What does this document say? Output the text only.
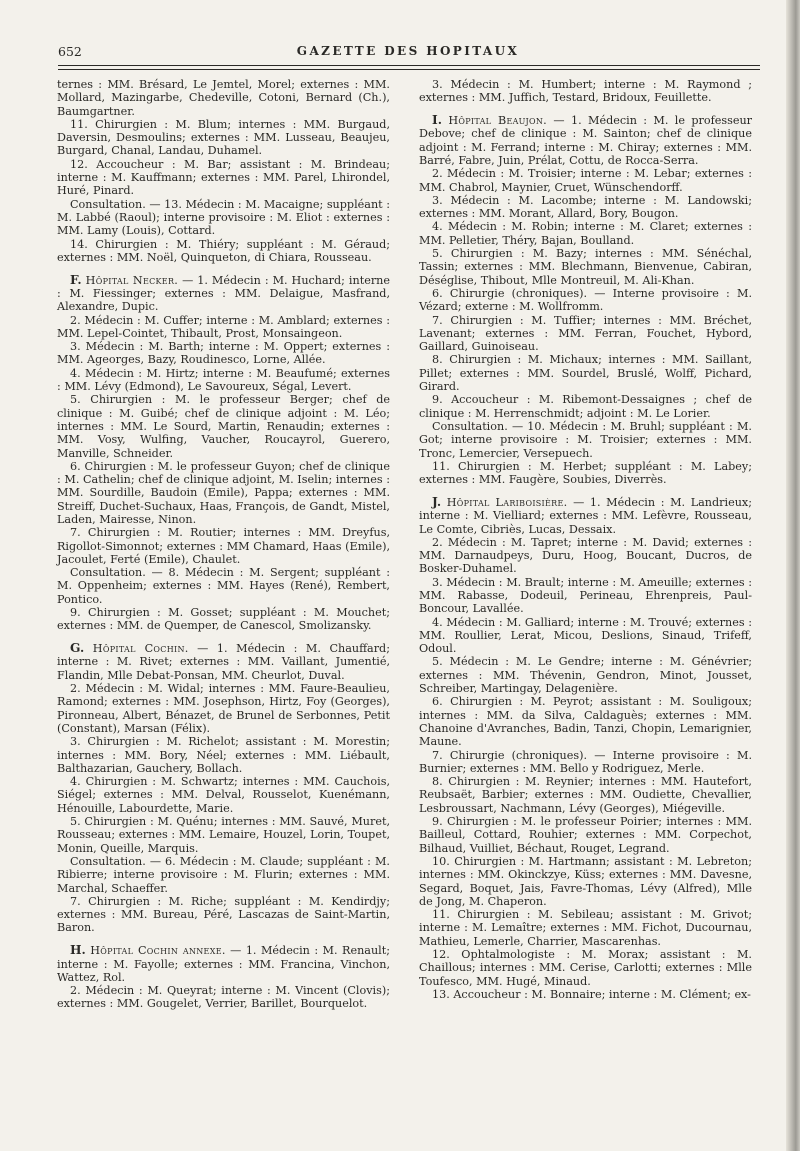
652	GAZETTE DES HOPITAUX

ternes : MM. Brésard, Le Jemtel, Morel; externes : MM. Mollard, Mazingarbe, Chedeville, Cotoni, Bernard (Ch.), Baumgartner.

11. Chirurgien : M. Blum; internes : MM. Burgaud, Daversin, Desmoulins; externes : MM. Lusseau, Beaujeu, Burgard, Chanal, Landau, Duhamel.

12. Accoucheur : M. Bar; assistant : M. Brindeau; interne : M. Kauffmann; externes : MM. Parel, Lhirondel, Huré, Pinard.

Consultation. — 13. Médecin : M. Macaigne; suppléant : M. Labbé (Raoul); interne provisoire : M. Eliot : externes : MM. Lamy (Louis), Cottard.

14. Chirurgien : M. Thiéry; suppléant : M. Géraud; externes : MM. Noël, Quinqueton, di Chiara, Rousseau.

F. Hôpital Necker. — 1. Médecin : M. Huchard; interne : M. Fiessinger; externes : MM. Delaigue, Masfrand, Alexandre, Dupic.

2. Médecin : M. Cuffer; interne : M. Amblard; externes : MM. Lepel-Cointet, Thibault, Prost, Monsaingeon.

3. Médecin : M. Barth; interne : M. Oppert; externes : MM. Ageorges, Bazy, Roudinesco, Lorne, Allée.

4. Médecin : M. Hirtz; interne : M. Beaufumé; externes : MM. Lévy (Edmond), Le Savoureux, Ségal, Levert.

5. Chirurgien : M. le professeur Berger; chef de clinique : M. Guibé; chef de clinique adjoint : M. Léo; internes : MM. Le Sourd, Martin, Renaudin; externes : MM. Vosy, Wulfing, Vaucher, Roucayrol, Guerero, Manville, Schneider.

6. Chirurgien : M. le professeur Guyon; chef de clinique : M. Cathelin; chef de clinique adjoint, M. Iselin; internes : MM. Sourdille, Baudoin (Emile), Pappa; externes : MM. Streiff, Duchet-Suchaux, Haas, François, de Gandt, Mistel, Laden, Mairesse, Ninon.

7. Chirurgien : M. Routier; internes : MM. Dreyfus, Rigollot-Simonnot; externes : MM Chamard, Haas (Emile), Jacoulet, Ferté (Emile), Chaulet.

Consultation. — 8. Médecin : M. Sergent; suppléant : M. Oppenheim; externes : MM. Hayes (René), Rembert, Pontico.

9. Chirurgien : M. Gosset; suppléant : M. Mouchet; externes : MM. de Quemper, de Canescol, Smolizansky.

G. Hôpital Cochin. — 1. Médecin : M. Chauffard; interne : M. Rivet; externes : MM. Vaillant, Jumentié, Flandin, Mlle Debat-Ponsan, MM. Cheurlot, Duval.

2. Médecin : M. Widal; internes : MM. Faure-Beaulieu, Ramond; externes : MM. Josephson, Hirtz, Foy (Georges), Pironneau, Albert, Bénazet, de Brunel de Serbonnes, Petit (Constant), Marsan (Félix).

3. Chirurgien : M. Richelot; assistant : M. Morestin; internes : MM. Bory, Néel; externes : MM. Liébault, Balthazarian, Gauchery, Bollach.

4. Chirurgien : M. Schwartz; internes : MM. Cauchois, Siégel; externes : MM. Delval, Rousselot, Kuenémann, Hénouille, Labourdette, Marie.

5. Chirurgien : M. Quénu; internes : MM. Sauvé, Muret, Rousseau; externes : MM. Lemaire, Houzel, Lorin, Toupet, Monin, Queille, Marquis.

Consultation. — 6. Médecin : M. Claude; suppléant : M. Ribierre; interne provisoire : M. Flurin; externes : MM. Marchal, Schaeffer.

7. Chirurgien : M. Riche; suppléant : M. Kendirdjy; externes : MM. Bureau, Péré, Lascazas de Saint-Martin, Baron.

H. Hôpital Cochin annexe. — 1. Médecin : M. Renault; interne : M. Fayolle; externes : MM. Francina, Vinchon, Wattez, Rol.

2. Médecin : M. Queyrat; interne : M. Vincent (Clovis); externes : MM. Gougelet, Verrier, Barillet, Bourquelot.

3. Médecin : M. Humbert; interne : M. Raymond ; externes : MM. Juffich, Testard, Bridoux, Feuillette.

I. Hôpital Beaujon. — 1. Médecin : M. le professeur Debove; chef de clinique : M. Sainton; chef de clinique adjoint : M. Ferrand; interne : M. Chiray; externes : MM. Barré, Fabre, Juin, Prélat, Cottu, de Rocca-Serra.

2. Médecin : M. Troisier; interne : M. Lebar; externes : MM. Chabrol, Maynier, Cruet, Wünschendorff.

3. Médecin : M. Lacombe; interne : M. Landowski; externes : MM. Morant, Allard, Bory, Bougon.

4. Médecin : M. Robin; interne : M. Claret; externes : MM. Pelletier, Théry, Bajan, Boulland.

5. Chirurgien : M. Bazy; internes : MM. Sénéchal, Tassin; externes : MM. Blechmann, Bienvenue, Cabiran, Déséglise, Thibout, Mlle Montreuil, M. Ali-Khan.

6. Chirurgie (chroniques). — Interne provisoire : M. Vézard; externe : M. Wollfromm.

7. Chirurgien : M. Tuffier; internes : MM. Bréchet, Lavenant; externes : MM. Ferran, Fouchet, Hybord, Gaillard, Guinoiseau.

8. Chirurgien : M. Michaux; internes : MM. Saillant, Pillet; externes : MM. Sourdel, Bruslé, Wolff, Pichard, Girard.

9. Accoucheur : M. Ribemont-Dessaignes ; chef de clinique : M. Herrenschmidt; adjoint : M. Le Lorier.

Consultation. — 10. Médecin : M. Bruhl; suppléant : M. Got; interne provisoire : M. Troisier; externes : MM. Tronc, Lemercier, Versepuech.

11. Chirurgien : M. Herbet; suppléant : M. Labey; externes : MM. Faugère, Soubies, Diverrès.

J. Hôpital Lariboisière. — 1. Médecin : M. Landrieux; interne : M. Vielliard; externes : MM. Lefèvre, Rousseau, Le Comte, Cibriès, Lucas, Dessaix.

2. Médecin : M. Tapret; interne : M. David; externes : MM. Darnaudpeys, Duru, Hoog, Boucant, Ducros, de Bosker-Duhamel.

3. Médecin : M. Brault; interne : M. Ameuille; externes : MM. Rabasse, Dodeuil, Perineau, Ehrenpreis, Paul-Boncour, Lavallée.

4. Médecin : M. Galliard; interne : M. Trouvé; externes : MM. Roullier, Lerat, Micou, Deslions, Sinaud, Trifeff, Odoul.

5. Médecin : M. Le Gendre; interne : M. Génévrier; externes : MM. Thévenin, Gendron, Minot, Jousset, Schreiber, Martingay, Delagenière.

6. Chirurgien : M. Peyrot; assistant : M. Souligoux; internes : MM. da Silva, Caldaguès; externes : MM. Chanoine d'Avranches, Badin, Tanzi, Chopin, Lemarignier, Maune.

7. Chirurgie (chroniques). — Interne provisoire : M. Burnier; externes : MM. Bello y Rodriguez, Merle.

8. Chirurgien : M. Reynier; internes : MM. Hautefort, Reubsaët, Barbier; externes : MM. Oudiette, Chevallier, Lesbroussart, Nachmann, Lévy (Georges), Miégeville.

9. Chirurgien : M. le professeur Poirier; internes : MM. Bailleul, Cottard, Rouhier; externes : MM. Corpechot, Bilhaud, Vuilliet, Béchaut, Rouget, Legrand.

10. Chirurgien : M. Hartmann; assistant : M. Lebreton; internes : MM. Okinckzye, Küss; externes : MM. Davesne, Segard, Boquet, Jais, Favre-Thomas, Lévy (Alfred), Mlle de Jong, M. Chaperon.

11. Chirurgien : M. Sebileau; assistant : M. Grivot; interne : M. Lemaître; externes : MM. Fichot, Ducournau, Mathieu, Lemerle, Charrier, Mascarenhas.

12. Ophtalmologiste : M. Morax; assistant : M. Chaillous; internes : MM. Cerise, Carlotti; externes : Mlle Toufesco, MM. Hugé, Minaud.

13. Accoucheur : M. Bonnaire; interne : M. Clément; ex-
